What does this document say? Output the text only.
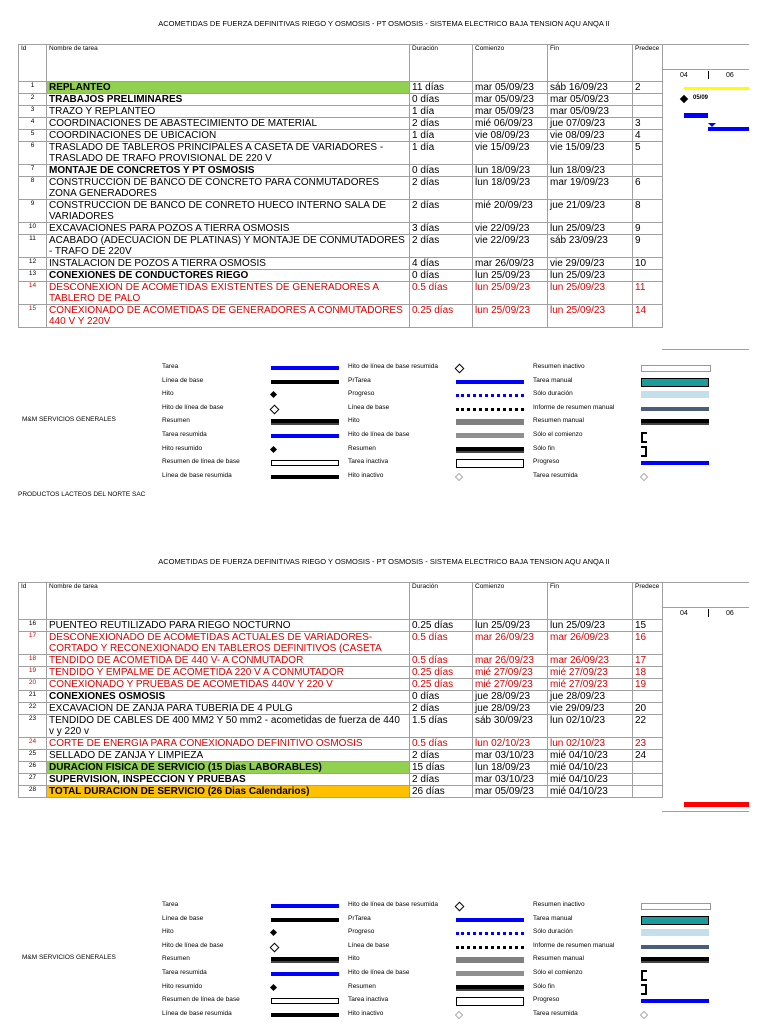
ACOMETIDAS DE FUERZA DEFINITIVAS RIEGO Y OSMOSIS - PT OSMOSIS - SISTEMA ELECTRICO BAJA TENSION AQU ANQA II
Id	Nombre de tarea	Duración	Comienzo	Fin	Predece
1	REPLANTEO	11 días	mar 05/09/23	sáb 16/09/23	2
2	TRABAJOS PRELIMINARES	0 días	mar 05/09/23	mar 05/09/23	
3	TRAZO Y REPLANTEO	1 día	mar 05/09/23	mar 05/09/23	
4	COORDINACIONES DE ABASTECIMIENTO DE MATERIAL	2 días	mié 06/09/23	jue 07/09/23	3
5	COORDINACIONES DE UBICACION	1 día	vie 08/09/23	vie 08/09/23	4
6	TRASLADO DE TABLEROS PRINCIPALES A CASETA DE VARIADORES - TRASLADO DE TRAFO PROVISIONAL DE 220 V	1 día	vie 15/09/23	vie 15/09/23	5
7	MONTAJE DE CONCRETOS Y PT OSMOSIS	0 días	lun 18/09/23	lun 18/09/23	
8	CONSTRUCCION DE BANCO DE CONCRETO PARA CONMUTADORES ZONA GENERADORES	2 días	lun 18/09/23	mar 19/09/23	6
9	CONSTRUCCION DE BANCO DE CONRETO HUECO INTERNO SALA DE VARIADORES	2 días	mié 20/09/23	jue 21/09/23	8
10	EXCAVACIONES PARA POZOS A TIERRA OSMOSIS	3 días	vie 22/09/23	lun 25/09/23	9
11	ACABADO (ADECUACION DE PLATINAS) Y MONTAJE DE CONMUTADORES - TRAFO DE 220V	2 días	vie 22/09/23	sáb 23/09/23	9
12	INSTALACION DE POZOS A TIERRA OSMOSIS	4 días	mar 26/09/23	vie 29/09/23	10
13	CONEXIONES DE CONDUCTORES RIEGO	0 días	lun 25/09/23	lun 25/09/23	
14	DESCONEXION DE ACOMETIDAS EXISTENTES DE GENERADORES A TABLERO DE PALO	0.5 días	lun 25/09/23	lun 25/09/23	11
15	CONEXIONADO DE ACOMETIDAS DE GENERADORES A CONMUTADORES 440 V Y 220V	0.25 días	lun 25/09/23	lun 25/09/23	14
04	06
05/09
M&M SERVICIOS GENERALES
Tarea	Hito de línea de base resumida	Resumen inactivo
Línea de base	PrTarea	Tarea manual
Hito	Progreso	Sólo duración
Hito de línea de base	Línea de base	Informe de resumen manual
Resumen	Hito	Resumen manual
Tarea resumida	Hito de línea de base	Sólo el comienzo
Hito resumido	Resumen	Sólo fin
Resumen de línea de base	Tarea inactiva	Progreso
Línea de base resumida	Hito inactivo	Tarea resumida
PRODUCTOS LACTEOS DEL NORTE SAC
ACOMETIDAS DE FUERZA DEFINITIVAS RIEGO Y OSMOSIS - PT OSMOSIS - SISTEMA ELECTRICO BAJA TENSION AQU ANQA II
Id	Nombre de tarea	Duración	Comienzo	Fin	Predece
16	PUENTEO REUTILIZADO PARA RIEGO NOCTURNO	0.25 días	lun 25/09/23	lun 25/09/23	15
17	DESCONEXIONADO DE ACOMETIDAS ACTUALES DE VARIADORES-CORTADO Y RECONEXIONADO EN TABLEROS DEFINITIVOS (CASETA	0.5 días	mar 26/09/23	mar 26/09/23	16
18	TENDIDO DE ACOMETIDA DE 440 V- A CONMUTADOR	0.5 días	mar 26/09/23	mar 26/09/23	17
19	TENDIDO Y EMPALME DE ACOMETIDA 220 V A CONMUTADOR	0.25 días	mié 27/09/23	mié 27/09/23	18
20	CONEXIONADO Y PRUEBAS DE ACOMETIDAS 440V Y 220 V	0.25 días	mié 27/09/23	mié 27/09/23	19
21	CONEXIONES OSMOSIS	0 días	jue 28/09/23	jue 28/09/23	
22	EXCAVACION DE ZANJA PARA TUBERIA DE 4 PULG	2 días	jue 28/09/23	vie 29/09/23	20
23	TENDIDO DE CABLES DE 400 MM2 Y 50 mm2 - acometidas de fuerza de 440 v y 220 v	1.5 días	sáb 30/09/23	lun 02/10/23	22
24	CORTE DE ENERGIA PARA CONEXIONADO DEFINITIVO OSMOSIS	0.5 días	lun 02/10/23	lun 02/10/23	23
25	SELLADO DE ZANJA Y LIMPIEZA	2 días	mar 03/10/23	mié 04/10/23	24
26	DURACION FISICA DE SERVICIO (15 Dias LABORABLES)	15 días	lun 18/09/23	mié 04/10/23	
27	SUPERVISION, INSPECCION Y PRUEBAS	2 días	mar 03/10/23	mié 04/10/23	
28	TOTAL DURACION DE SERVICIO (26 Dias Calendarios)	26 días	mar 05/09/23	mié 04/10/23	
04	06
M&M SERVICIOS GENERALES
Tarea	Hito de línea de base resumida	Resumen inactivo
Línea de base	PrTarea	Tarea manual
Hito	Progreso	Sólo duración
Hito de línea de base	Línea de base	Informe de resumen manual
Resumen	Hito	Resumen manual
Tarea resumida	Hito de línea de base	Sólo el comienzo
Hito resumido	Resumen	Sólo fin
Resumen de línea de base	Tarea inactiva	Progreso
Línea de base resumida	Hito inactivo	Tarea resumida
